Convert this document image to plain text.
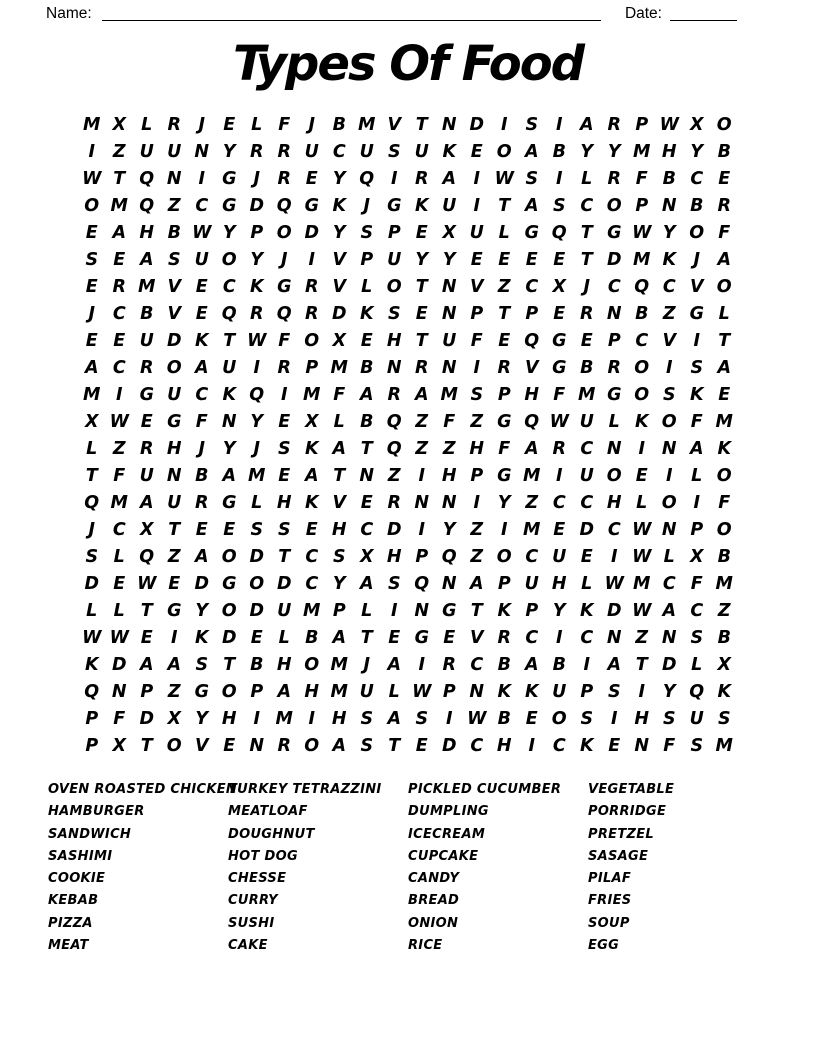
Name:	Date:
Types Of Food
M X L R	J	E L F	J	B M V T N D I	S	I A R P W X O
I	Z U U N Y R R U C U S U K E O A B Y Y M H Y B
W T Q N I G J	R E Y Q I	R A I W S	I	L R F B C E
O M Q Z C G D Q G K J G K U I	T A S C O P N B R
E A H B W Y P O D Y S P E X U L G Q T G W Y O F
S E A S U O Y	J	I V P U Y Y E E E E T D M K J A
E R M V E C K G R V L O T N V Z C X J	C Q C V O
J	C B V E Q R Q R D K S E N P T P E R N B Z G L
E E U D K T W F O X E H T U F E Q G E P C V I	T
A C R O A U I	R P M B N R N I	R V G B R O I	S A
M I G U C K Q I M F A R A M S P H F M G O S K E
X W E G F N Y E X L B Q Z F Z G Q W U L K O F M
L Z R H J	Y	J	S K A T Q Z Z H F A R C N I N A K
T F U N B A M E A T N Z	I H P G M I U O E	I	L O
Q M A U R G L H K V E R N N I	Y Z C C H L O I	F
J	C X T E E S S E H C D I	Y Z	I M E D C W N P O
S L Q Z A O D T C S X H P Q Z O C U E	I W L X B
D E W E D G O D C Y A S Q N A P U H L W M C F M
L L T G Y O D U M P L	I N G T K P Y K D W A C Z
W W E	I K D E L B A T E G E V R C	I	C N Z N S B
K D A A S T B H O M J A I	R C B A B	I A T D L X
Q N P Z G O P A H M U L W P N K K U P S	I	Y Q K
P F D X Y H I M I H S A S	I W B E O S	I H S U S
P X T O V E N R O A S T E D C H I	C K E N F S M
OVEN ROASTED CHICKEN
HAMBURGER
SANDWICH
SASHIMI
COOKIE
KEBAB
PIZZA
MEAT
TURKEY TETRAZZINI
MEATLOAF
DOUGHNUT
HOT DOG
CHESSE
CURRY
SUSHI
CAKE
PICKLED CUCUMBER
DUMPLING
ICECREAM
CUPCAKE
CANDY
BREAD
ONION
RICE
VEGETABLE
PORRIDGE
PRETZEL
SASAGE
PILAF
FRIES
SOUP
EGG
